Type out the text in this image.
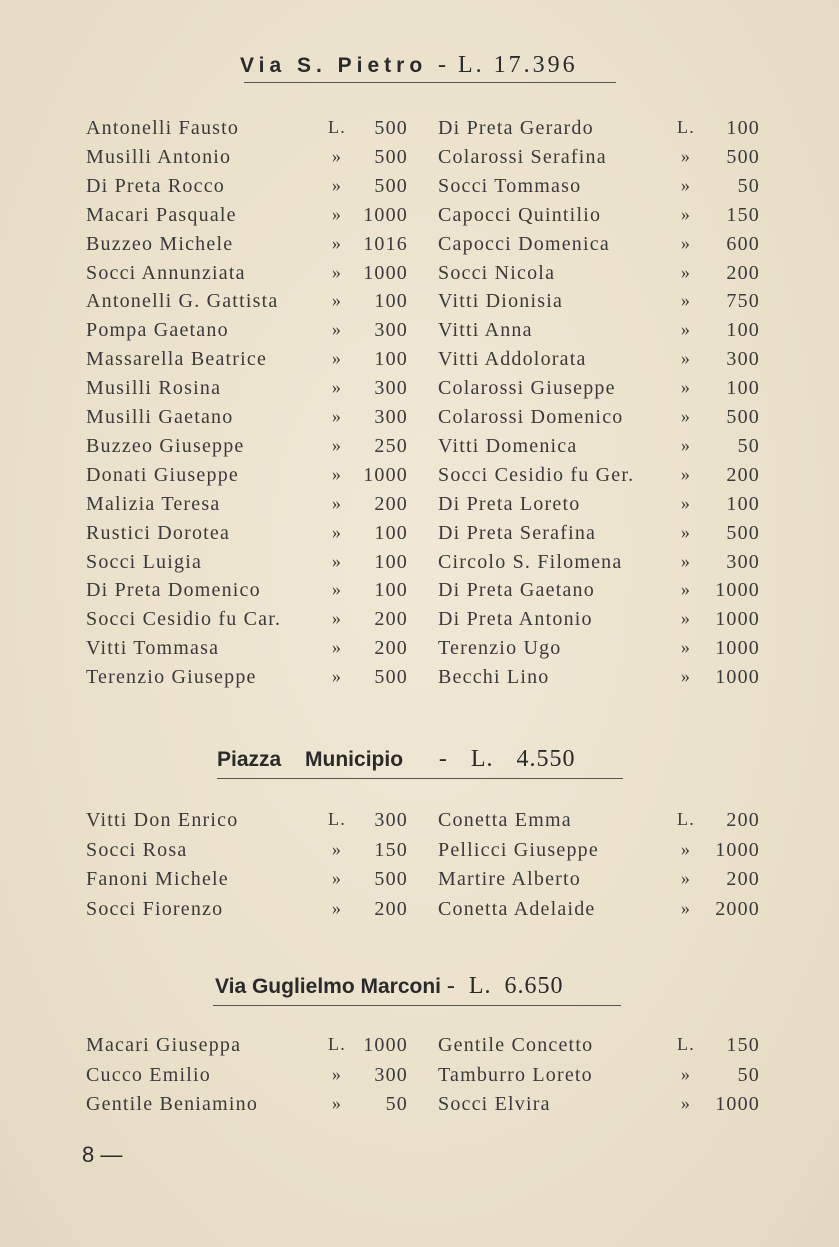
Via S. Pietro - L. 17.396
Antonelli Fausto	L. 500
Musilli Antonio	»	500
Di Preta Rocco	»	500
Macari Pasquale	»	1000
Buzzeo Michele	»	1016
Socci Annunziata	»	1000
Antonelli G. Gattista	»	100
Pompa Gaetano	»	300
Massarella Beatrice	»	100
Musilli Rosina	»	300
Musilli Gaetano	»	300
Buzzeo Giuseppe	»	250
Donati Giuseppe	»	1000
Malizia Teresa	»	200
Rustici Dorotea	»	100
Socci Luigia	»	100
Di Preta Domenico	»	100
Socci Cesidio fu Car.	»	200
Vitti Tommasa	»	200
Terenzio Giuseppe	»	500
Di Preta Gerardo	L. 100
Colarossi Serafina	»	500
Socci Tommaso	»	50
Capocci Quintilio	»	150
Capocci Domenica	»	600
Socci Nicola	»	200
Vitti Dionisia	»	750
Vitti Anna	»	100
Vitti Addolorata	»	300
Colarossi Giuseppe	»	100
Colarossi Domenico	»	500
Vitti Domenica	»	50
Socci Cesidio fu Ger.	»	200
Di Preta Loreto	»	100
Di Preta Serafina	»	500
Circolo S. Filomena	»	300
Di Preta Gaetano	»	1000
Di Preta Antonio	»	1000
Terenzio Ugo	»	1000
Becchi Lino	»	1000
Piazza Municipio - L. 4.550
Vitti Don Enrico	L. 300
Socci Rosa	»	150
Fanoni Michele	»	500
Socci Fiorenzo	»	200
Conetta Emma	L. 200
Pellicci Giuseppe	»	1000
Martire Alberto	»	200
Conetta Adelaide	»	2000
Via Guglielmo Marconi - L. 6.650
Macari Giuseppa	L. 1000
Cucco Emilio	»	300
Gentile Beniamino	»	50
Gentile Concetto	L. 150
Tamburro Loreto	»	50
Socci Elvira	»	1000
8 —
